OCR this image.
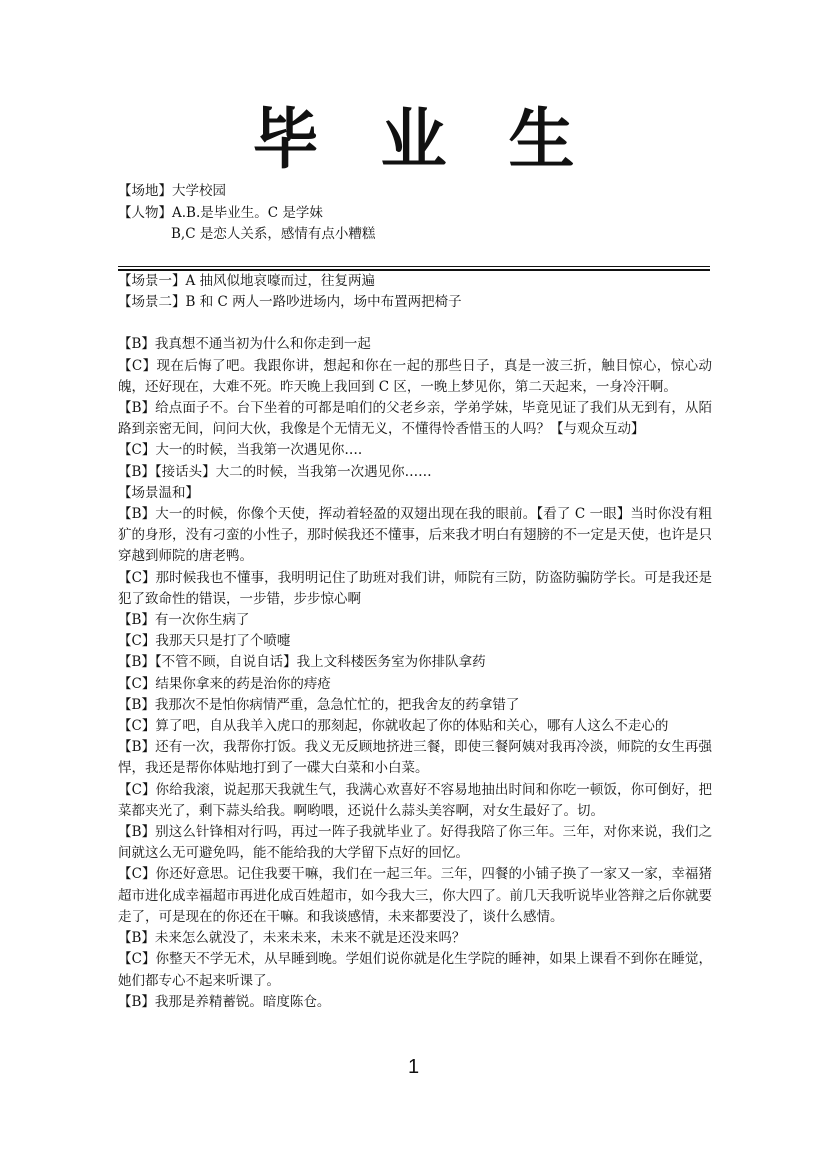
毕业生
【场地】大学校园
【人物】A.B.是毕业生。C 是学妹
B,C 是恋人关系，感情有点小糟糕

【场景一】A 抽风似地哀嚎而过，往复两遍

【场景二】B 和 C 两人一路吵进场内，场中布置两把椅子

【B】我真想不通当初为什么和你走到一起

【C】现在后悔了吧。我跟你讲，想起和你在一起的那些日子，真是一波三折，触目惊心，惊心动魄，还好现在，大难不死。昨天晚上我回到 C 区，一晚上梦见你，第二天起来，一身冷汗啊。

【B】给点面子不。台下坐着的可都是咱们的父老乡亲，学弟学妹，毕竟见证了我们从无到有，从陌路到亲密无间，问问大伙，我像是个无情无义，不懂得怜香惜玉的人吗？【与观众互动】

【C】大一的时候，当我第一次遇见你….

【B】【接话头】大二的时候，当我第一次遇见你……

【场景温和】

【B】大一的时候，你像个天使，挥动着轻盈的双翅出现在我的眼前。【看了 C 一眼】当时你没有粗犷的身形，没有刁蛮的小性子，那时候我还不懂事，后来我才明白有翅膀的不一定是天使，也许是只穿越到师院的唐老鸭。

【C】那时候我也不懂事，我明明记住了助班对我们讲，师院有三防，防盗防骗防学长。可是我还是犯了致命性的错误，一步错，步步惊心啊

【B】有一次你生病了

【C】我那天只是打了个喷嚏

【B】【不管不顾，自说自话】我上文科楼医务室为你排队拿药

【C】结果你拿来的药是治你的痔疮

【B】我那次不是怕你病情严重，急急忙忙的，把我舍友的药拿错了

【C】算了吧，自从我羊入虎口的那刻起，你就收起了你的体贴和关心，哪有人这么不走心的

【B】还有一次，我帮你打饭。我义无反顾地挤进三餐，即使三餐阿姨对我再冷淡，师院的女生再强悍，我还是帮你体贴地打到了一碟大白菜和小白菜。

【C】你给我滚，说起那天我就生气，我满心欢喜好不容易地抽出时间和你吃一顿饭，你可倒好，把菜都夹光了，剩下蒜头给我。啊哟喂，还说什么蒜头美容啊，对女生最好了。切。

【B】别这么针锋相对行吗，再过一阵子我就毕业了。好得我陪了你三年。三年，对你来说，我们之间就这么无可避免吗，能不能给我的大学留下点好的回忆。

【C】你还好意思。记住我要干嘛，我们在一起三年。三年，四餐的小铺子换了一家又一家，幸福猪超市进化成幸福超市再进化成百姓超市，如今我大三，你大四了。前几天我听说毕业答辩之后你就要走了，可是现在的你还在干嘛。和我谈感情，未来都要没了，谈什么感情。

【B】未来怎么就没了，未来未来，未来不就是还没来吗？

【C】你整天不学无术，从早睡到晚。学姐们说你就是化生学院的睡神，如果上课看不到你在睡觉，她们都专心不起来听课了。

【B】我那是养精蓄锐。暗度陈仓。

1
